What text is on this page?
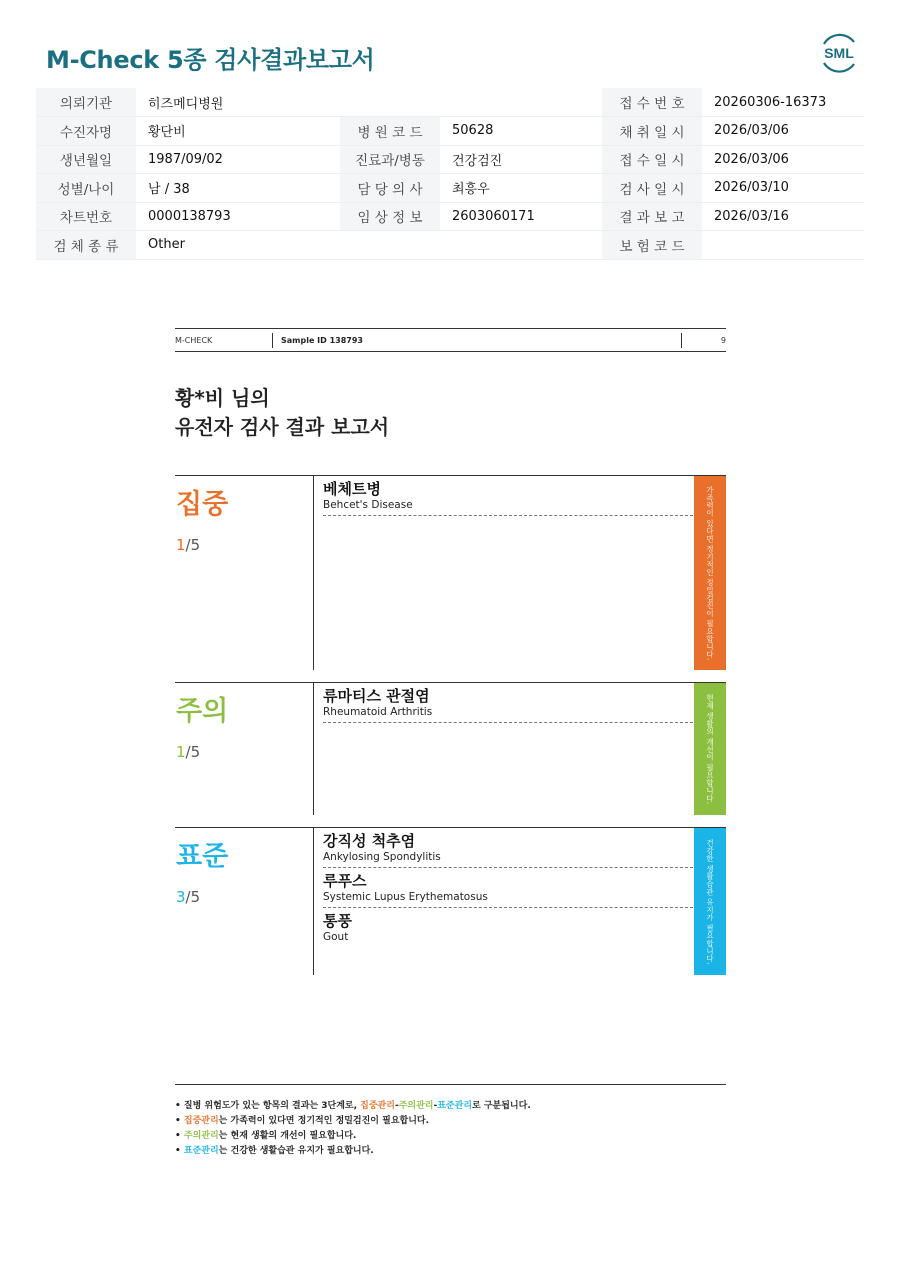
M-Check 5종 검사결과보고서	SML
의뢰기관	히즈메디병원			접 수 번 호	20260306-16373
수진자명	황단비	병 원 코 드	50628	채 취 일 시	2026/03/06
생년월일	1987/09/02	진료과/병동	건강검진	접 수 일 시	2026/03/06
성별/나이	남 / 38	담 당 의 사	최흥우	검 사 일 시	2026/03/10
차트번호	0000138793	임 상 정 보	2603060171	결 과 보 고	2026/03/16
검 체 종 류	Other			보 험 코 드	
M-CHECK	Sample ID 138793	9
황*비 님의
유전자 검사 결과 보고서
집중
1/5
베체트병
Behcet's Disease	가족력이 있다면 정기적인 정밀검진이 필요합니다.
주의
1/5
류마티스 관절염
Rheumatoid Arthritis	현재 생활의 개선이 필요합니다.
표준
3/5
강직성 척추염
Ankylosing Spondylitis
루푸스
Systemic Lupus Erythematosus
통풍
Gout	건강한 생활습관 유지가 필요합니다.
• 질병 위험도가 있는 항목의 결과는 3단계로, 집중관리-주의관리-표준관리로 구분됩니다.
• 집중관리는 가족력이 있다면 정기적인 정밀검진이 필요합니다.
• 주의관리는 현재 생활의 개선이 필요합니다.
• 표준관리는 건강한 생활습관 유지가 필요합니다.
